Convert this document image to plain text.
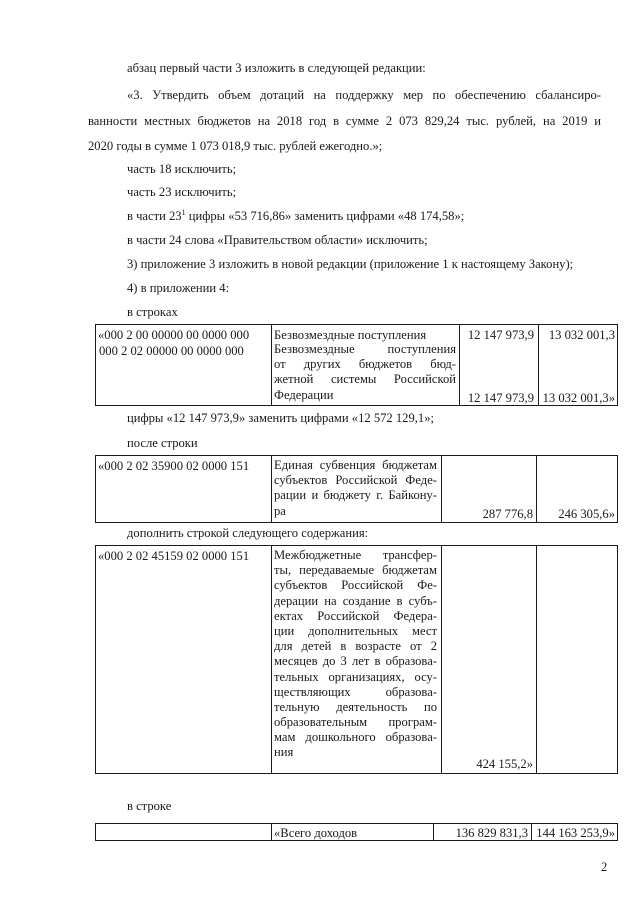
абзац первый части 3 изложить в следующей редакции:
«3. Утвердить объем дотаций на поддержку мер по обеспечению сбалансиро-
ванности местных бюджетов на 2018 год в сумме 2 073 829,24 тыс. рублей, на 2019 и
2020 годы в сумме 1 073 018,9 тыс. рублей ежегодно.»;
часть 18 исключить;
часть 23 исключить;
в части $23^1$ цифры «53 716,86» заменить цифрами «48 174,58»;
в части 24 слова «Правительством области» исключить;
3) приложение 3 изложить в новой редакции (приложение 1 к настоящему Закону);
4) в приложении 4:
в строках
«000 2 00 00000 00 0000 000
000 2 02 00000 00 0000 000
Безвозмездные поступления
Безвозмездные поступления
от других бюджетов бюд-
жетной системы Российской
Федерации
12 147 973,9 13 032 001,3
12 147 973,9 13 032 001,3»
цифры «12 147 973,9» заменить цифрами «12 572 129,1»;
после строки
«000 2 02 35900 02 0000 151 Единая субвенция бюджетам
субъектов Российской Феде-
рации и бюджету г. Байкону-
ра	287 776,8 246 305,6»
дополнить строкой следующего содержания:
«000 2 02 45159 02 0000 151 Межбюджетные трансфер-
ты, передаваемые бюджетам
субъектов Российской Фе-
дерации на создание в субъ-
ектах Российской Федера-
ции дополнительных мест
для детей в возрасте от 2
месяцев до 3 лет в образова-
тельных организациях, осу-
ществляющих образова-
тельную деятельность по
образовательным програм-
мам дошкольного образова-
ния
424 155,2»
в строке
«Всего доходов	136 829 831,3 144 163 253,9»
2
